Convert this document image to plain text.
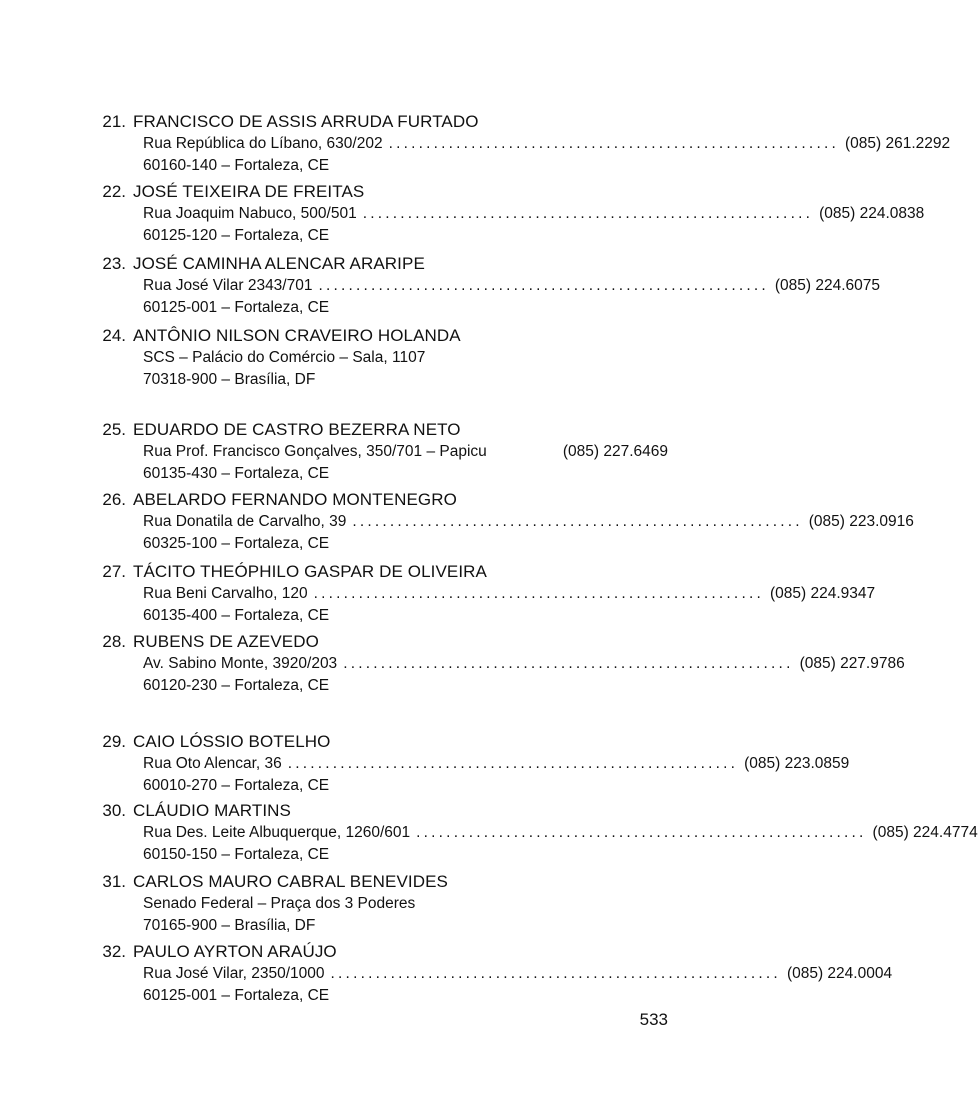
21. FRANCISCO DE ASSIS ARRUDA FURTADO
Rua República do Líbano, 630/202 ............................................................ (085) 261.2292
60160-140 – Fortaleza, CE
22. JOSÉ TEIXEIRA DE FREITAS
Rua Joaquim Nabuco, 500/501 ............................................................ (085) 224.0838
60125-120 – Fortaleza, CE
23. JOSÉ CAMINHA ALENCAR ARARIPE
Rua José Vilar 2343/701 ............................................................ (085) 224.6075
60125-001 – Fortaleza, CE
24. ANTÔNIO NILSON CRAVEIRO HOLANDA
SCS – Palácio do Comércio – Sala, 1107
70318-900 – Brasília, DF
25. EDUARDO DE CASTRO BEZERRA NETO
Rua Prof. Francisco Gonçalves, 350/701 – Papicu	(085) 227.6469
60135-430 – Fortaleza, CE
26. ABELARDO FERNANDO MONTENEGRO
Rua Donatila de Carvalho, 39 ............................................................ (085) 223.0916
60325-100 – Fortaleza, CE
27. TÁCITO THEÓPHILO GASPAR DE OLIVEIRA
Rua Beni Carvalho, 120 ............................................................ (085) 224.9347
60135-400 – Fortaleza, CE
28. RUBENS DE AZEVEDO
Av. Sabino Monte, 3920/203 ............................................................ (085) 227.9786
60120-230 – Fortaleza, CE
29. CAIO LÓSSIO BOTELHO
Rua Oto Alencar, 36 ............................................................ (085) 223.0859
60010-270 – Fortaleza, CE
30. CLÁUDIO MARTINS
Rua Des. Leite Albuquerque, 1260/601 ............................................................ (085) 224.4774
60150-150 – Fortaleza, CE
31. CARLOS MAURO CABRAL BENEVIDES
Senado Federal – Praça dos 3 Poderes
70165-900 – Brasília, DF
32. PAULO AYRTON ARAÚJO
Rua José Vilar, 2350/1000 ............................................................ (085) 224.0004
60125-001 – Fortaleza, CE
533
